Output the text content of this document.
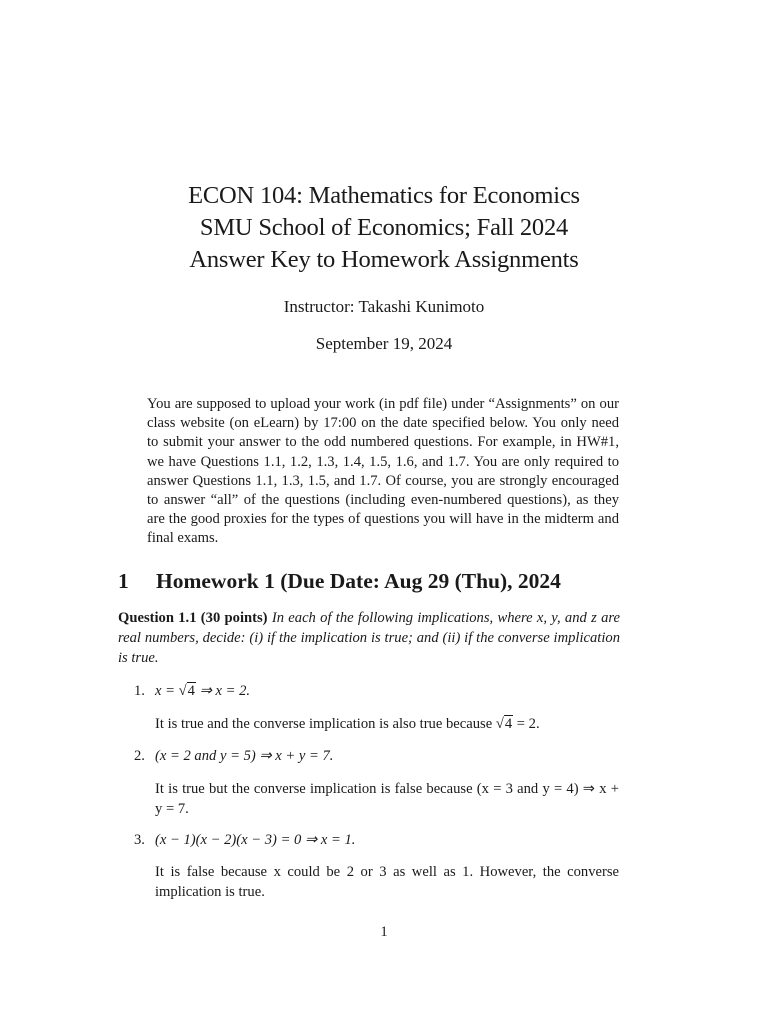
ECON 104: Mathematics for Economics
SMU School of Economics; Fall 2024
Answer Key to Homework Assignments
Instructor: Takashi Kunimoto
September 19, 2024
You are supposed to upload your work (in pdf file) under “Assignments” on our class website (on eLearn) by 17:00 on the date specified below. You only need to submit your answer to the odd numbered questions. For example, in HW#1, we have Questions 1.1, 1.2, 1.3, 1.4, 1.5, 1.6, and 1.7. You are only required to answer Questions 1.1, 1.3, 1.5, and 1.7. Of course, you are strongly encouraged to answer “all” of the questions (including even-numbered questions), as they are the good proxies for the types of questions you will have in the midterm and final exams.
1 Homework 1 (Due Date: Aug 29 (Thu), 2024
Question 1.1 (30 points) In each of the following implications, where x, y, and z are real numbers, decide: (i) if the implication is true; and (ii) if the converse implication is true.
1. x = √4 ⇒ x = 2.
It is true and the converse implication is also true because √4 = 2.
2. (x = 2 and y = 5) ⇒ x + y = 7.
It is true but the converse implication is false because (x = 3 and y = 4) ⇒ x + y = 7.
3. (x − 1)(x − 2)(x − 3) = 0 ⇒ x = 1.
It is false because x could be 2 or 3 as well as 1. However, the converse implication is true.
1
